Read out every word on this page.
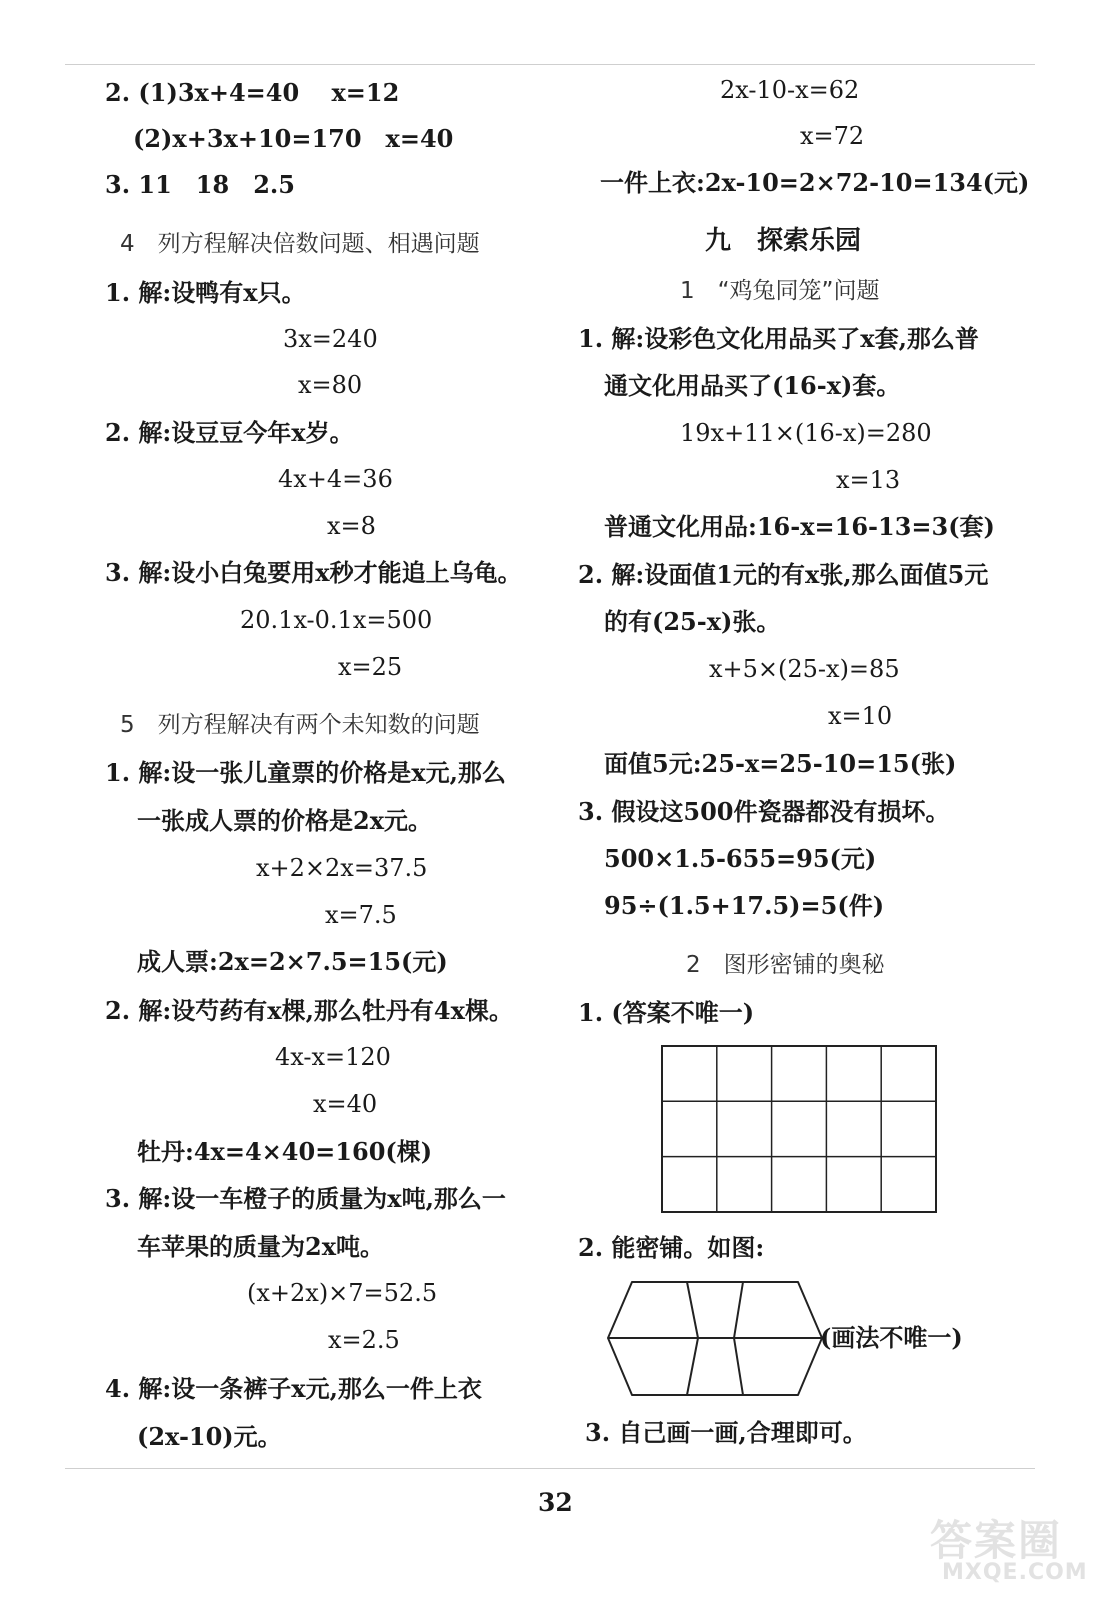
2. (1)3x+4=40　 x=12
(2)x+3x+10=170　x=40
3. 11　18　2.5
4　列方程解决倍数问题、相遇问题
1. 解:设鸭有x只。
3x=240
x=80
2. 解:设豆豆今年x岁。
4x+4=36
x=8
3. 解:设小白兔要用x秒才能追上乌龟。
20.1x-0.1x=500
x=25
5　列方程解决有两个未知数的问题
1. 解:设一张儿童票的价格是x元,那么
一张成人票的价格是2x元。
x+2×2x=37.5
x=7.5
成人票:2x=2×7.5=15(元)
2. 解:设芍药有x棵,那么牡丹有4x棵。
4x-x=120
x=40
牡丹:4x=4×40=160(棵)
3. 解:设一车橙子的质量为x吨,那么一
车苹果的质量为2x吨。
(x+2x)×7=52.5
x=2.5
4. 解:设一条裤子x元,那么一件上衣
(2x-10)元。
2x-10-x=62
x=72
一件上衣:2x-10=2×72-10=134(元)
九　探索乐园
1　“鸡兔同笼”问题
1. 解:设彩色文化用品买了x套,那么普
通文化用品买了(16-x)套。
19x+11×(16-x)=280
x=13
普通文化用品:16-x=16-13=3(套)
2. 解:设面值1元的有x张,那么面值5元
的有(25-x)张。
x+5×(25-x)=85
x=10
面值5元:25-x=25-10=15(张)
3. 假设这500件瓷器都没有损坏。
500×1.5-655=95(元)
95÷(1.5+17.5)=5(件)
2　图形密铺的奥秘
1. (答案不唯一)
2. 能密铺。如图:
(画法不唯一)
3. 自己画一画,合理即可。
32
答案圈
MXQE.COM
